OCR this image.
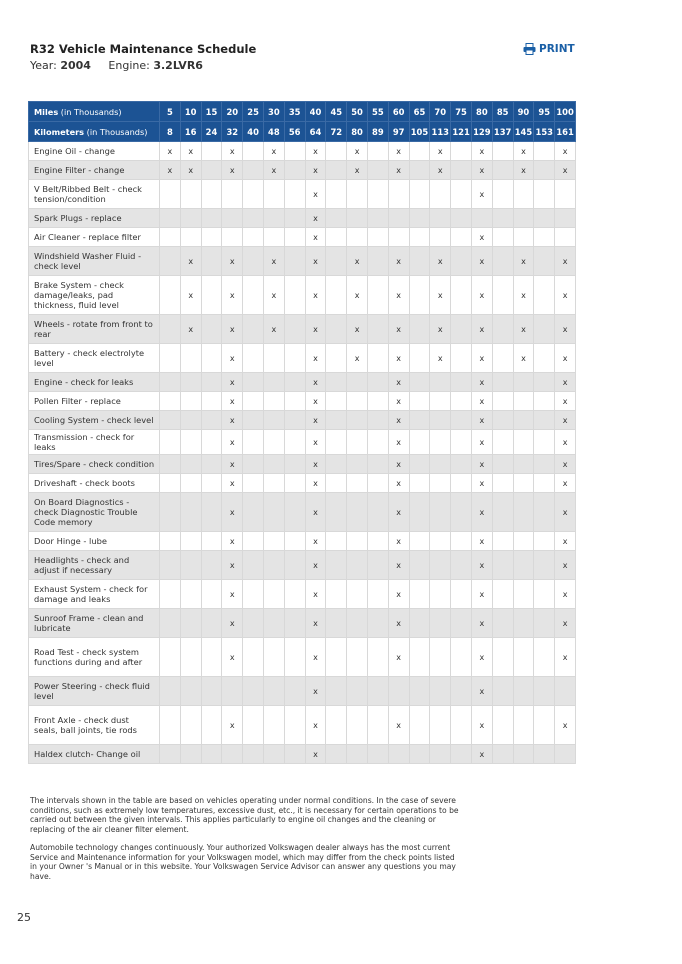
R32 Vehicle Maintenance Schedule
Year: 2004 Engine: 3.2LVR6
PRINT
Miles (in Thousands)	5	10	15	20	25	30	35	40	45	50	55	60	65	70	75	80	85	90	95	100
Kilometers (in Thousands)	8	16	24	32	40	48	56	64	72	80	89	97	105	113	121	129	137	145	153	161
Engine Oil - change	x	x		x		x		x		x		x		x		x		x		x
Engine Filter - change	x	x		x		x		x		x		x		x		x		x		x
V Belt/Ribbed Belt - check tension/condition								x								x				
Spark Plugs - replace								x												
Air Cleaner - replace filter								x								x				
Windshield Washer Fluid - check level		x		x		x		x		x		x		x		x		x		x
Brake System - check damage/leaks, pad thickness, fluid level		x		x		x		x		x		x		x		x		x		x
Wheels - rotate from front to rear		x		x		x		x		x		x		x		x		x		x
Battery - check electrolyte level				x				x		x		x		x		x		x		x
Engine - check for leaks				x				x				x				x				x
Pollen Filter - replace				x				x				x				x				x
Cooling System - check level				x				x				x				x				x
Transmission - check for leaks				x				x				x				x				x
Tires/Spare - check condition				x				x				x				x				x
Driveshaft - check boots				x				x				x				x				x
On Board Diagnostics - check Diagnostic Trouble Code memory				x				x				x				x				x
Door Hinge - lube				x				x				x				x				x
Headlights - check and adjust if necessary				x				x				x				x				x
Exhaust System - check for damage and leaks				x				x				x				x				x
Sunroof Frame - clean and lubricate				x				x				x				x				x
Road Test - check system functions during and after				x				x				x				x				x
Power Steering - check fluid level								x								x				
Front Axle - check dust seals, ball joints, tie rods				x				x				x				x				x
Haldex clutch- Change oil								x								x				
The intervals shown in the table are based on vehicles operating under normal conditions. In the case of severe conditions, such as extremely low temperatures, excessive dust, etc., it is necessary for certain operations to be carried out between the given intervals. This applies particularly to engine oil changes and the cleaning or replacing of the air cleaner filter element.
Automobile technology changes continuously. Your authorized Volkswagen dealer always has the most current Service and Maintenance information for your Volkswagen model, which may differ from the check points listed in your Owner 's Manual or in this website. Your Volkswagen Service Advisor can answer any questions you may have.
25
